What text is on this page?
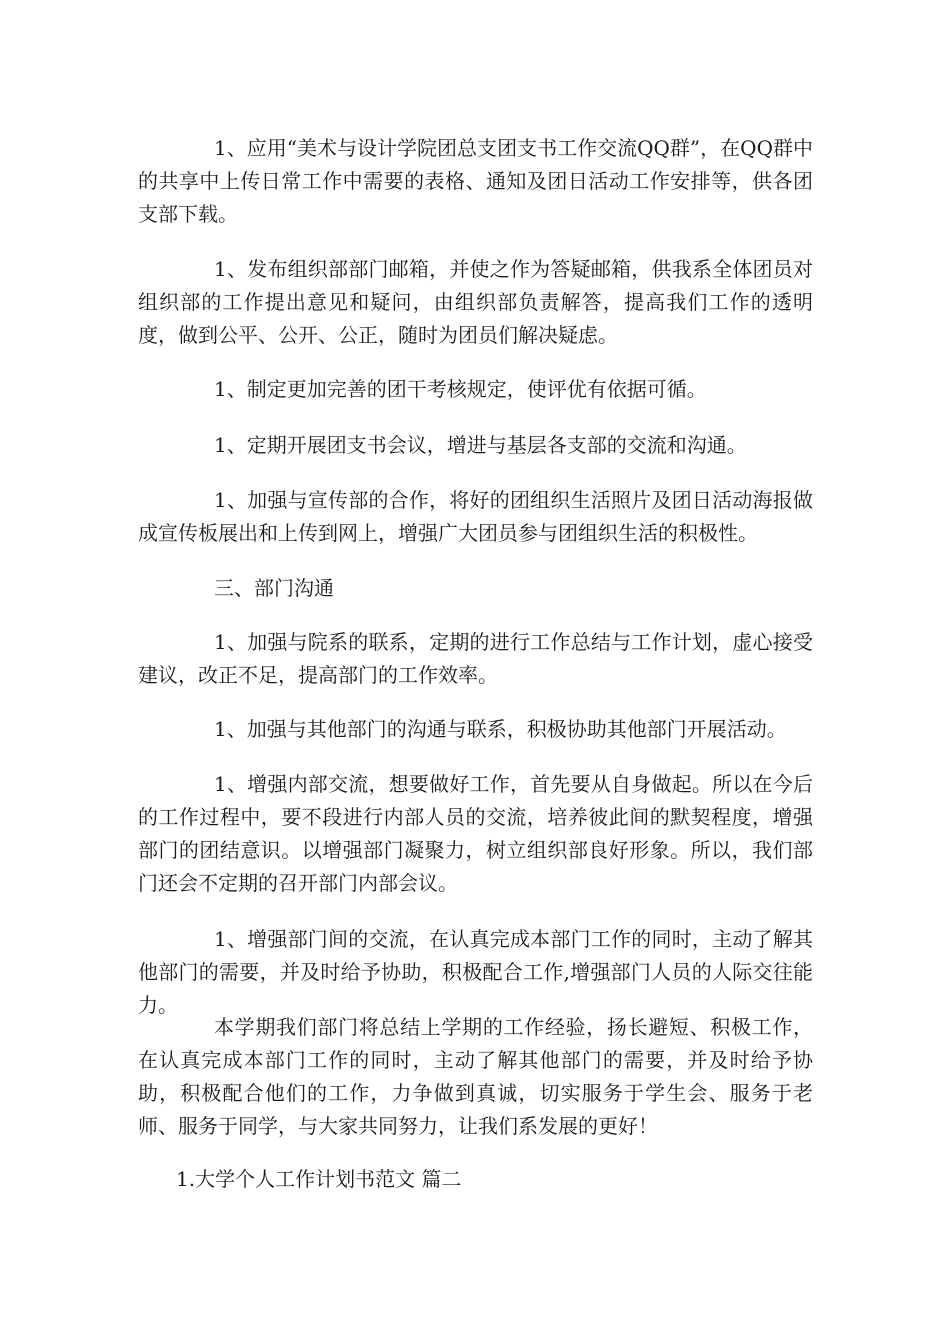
1、应用“美术与设计学院团总支团支书工作交流QQ群”，在QQ群中的共享中上传日常工作中需要的表格、通知及团日活动工作安排等，供各团支部下载。

1、发布组织部部门邮箱，并使之作为答疑邮箱，供我系全体团员对组织部的工作提出意见和疑问，由组织部负责解答，提高我们工作的透明度，做到公平、公开、公正，随时为团员们解决疑虑。

1、制定更加完善的团干考核规定，使评优有依据可循。

1、定期开展团支书会议，增进与基层各支部的交流和沟通。

1、加强与宣传部的合作，将好的团组织生活照片及团日活动海报做成宣传板展出和上传到网上，增强广大团员参与团组织生活的积极性。

三、部门沟通

1、加强与院系的联系，定期的进行工作总结与工作计划，虚心接受建议，改正不足，提高部门的工作效率。

1、加强与其他部门的沟通与联系，积极协助其他部门开展活动。

1、增强内部交流，想要做好工作，首先要从自身做起。所以在今后的工作过程中，要不段进行内部人员的交流，培养彼此间的默契程度，增强部门的团结意识。以增强部门凝聚力，树立组织部良好形象。所以，我们部门还会不定期的召开部门内部会议。

1、增强部门间的交流，在认真完成本部门工作的同时，主动了解其他部门的需要，并及时给予协助，积极配合工作,增强部门人员的人际交往能力。

本学期我们部门将总结上学期的工作经验，扬长避短、积极工作，在认真完成本部门工作的同时，主动了解其他部门的需要，并及时给予协助，积极配合他们的工作，力争做到真诚，切实服务于学生会、服务于老师、服务于同学，与大家共同努力，让我们系发展的更好！

1.大学个人工作计划书范文 篇二
